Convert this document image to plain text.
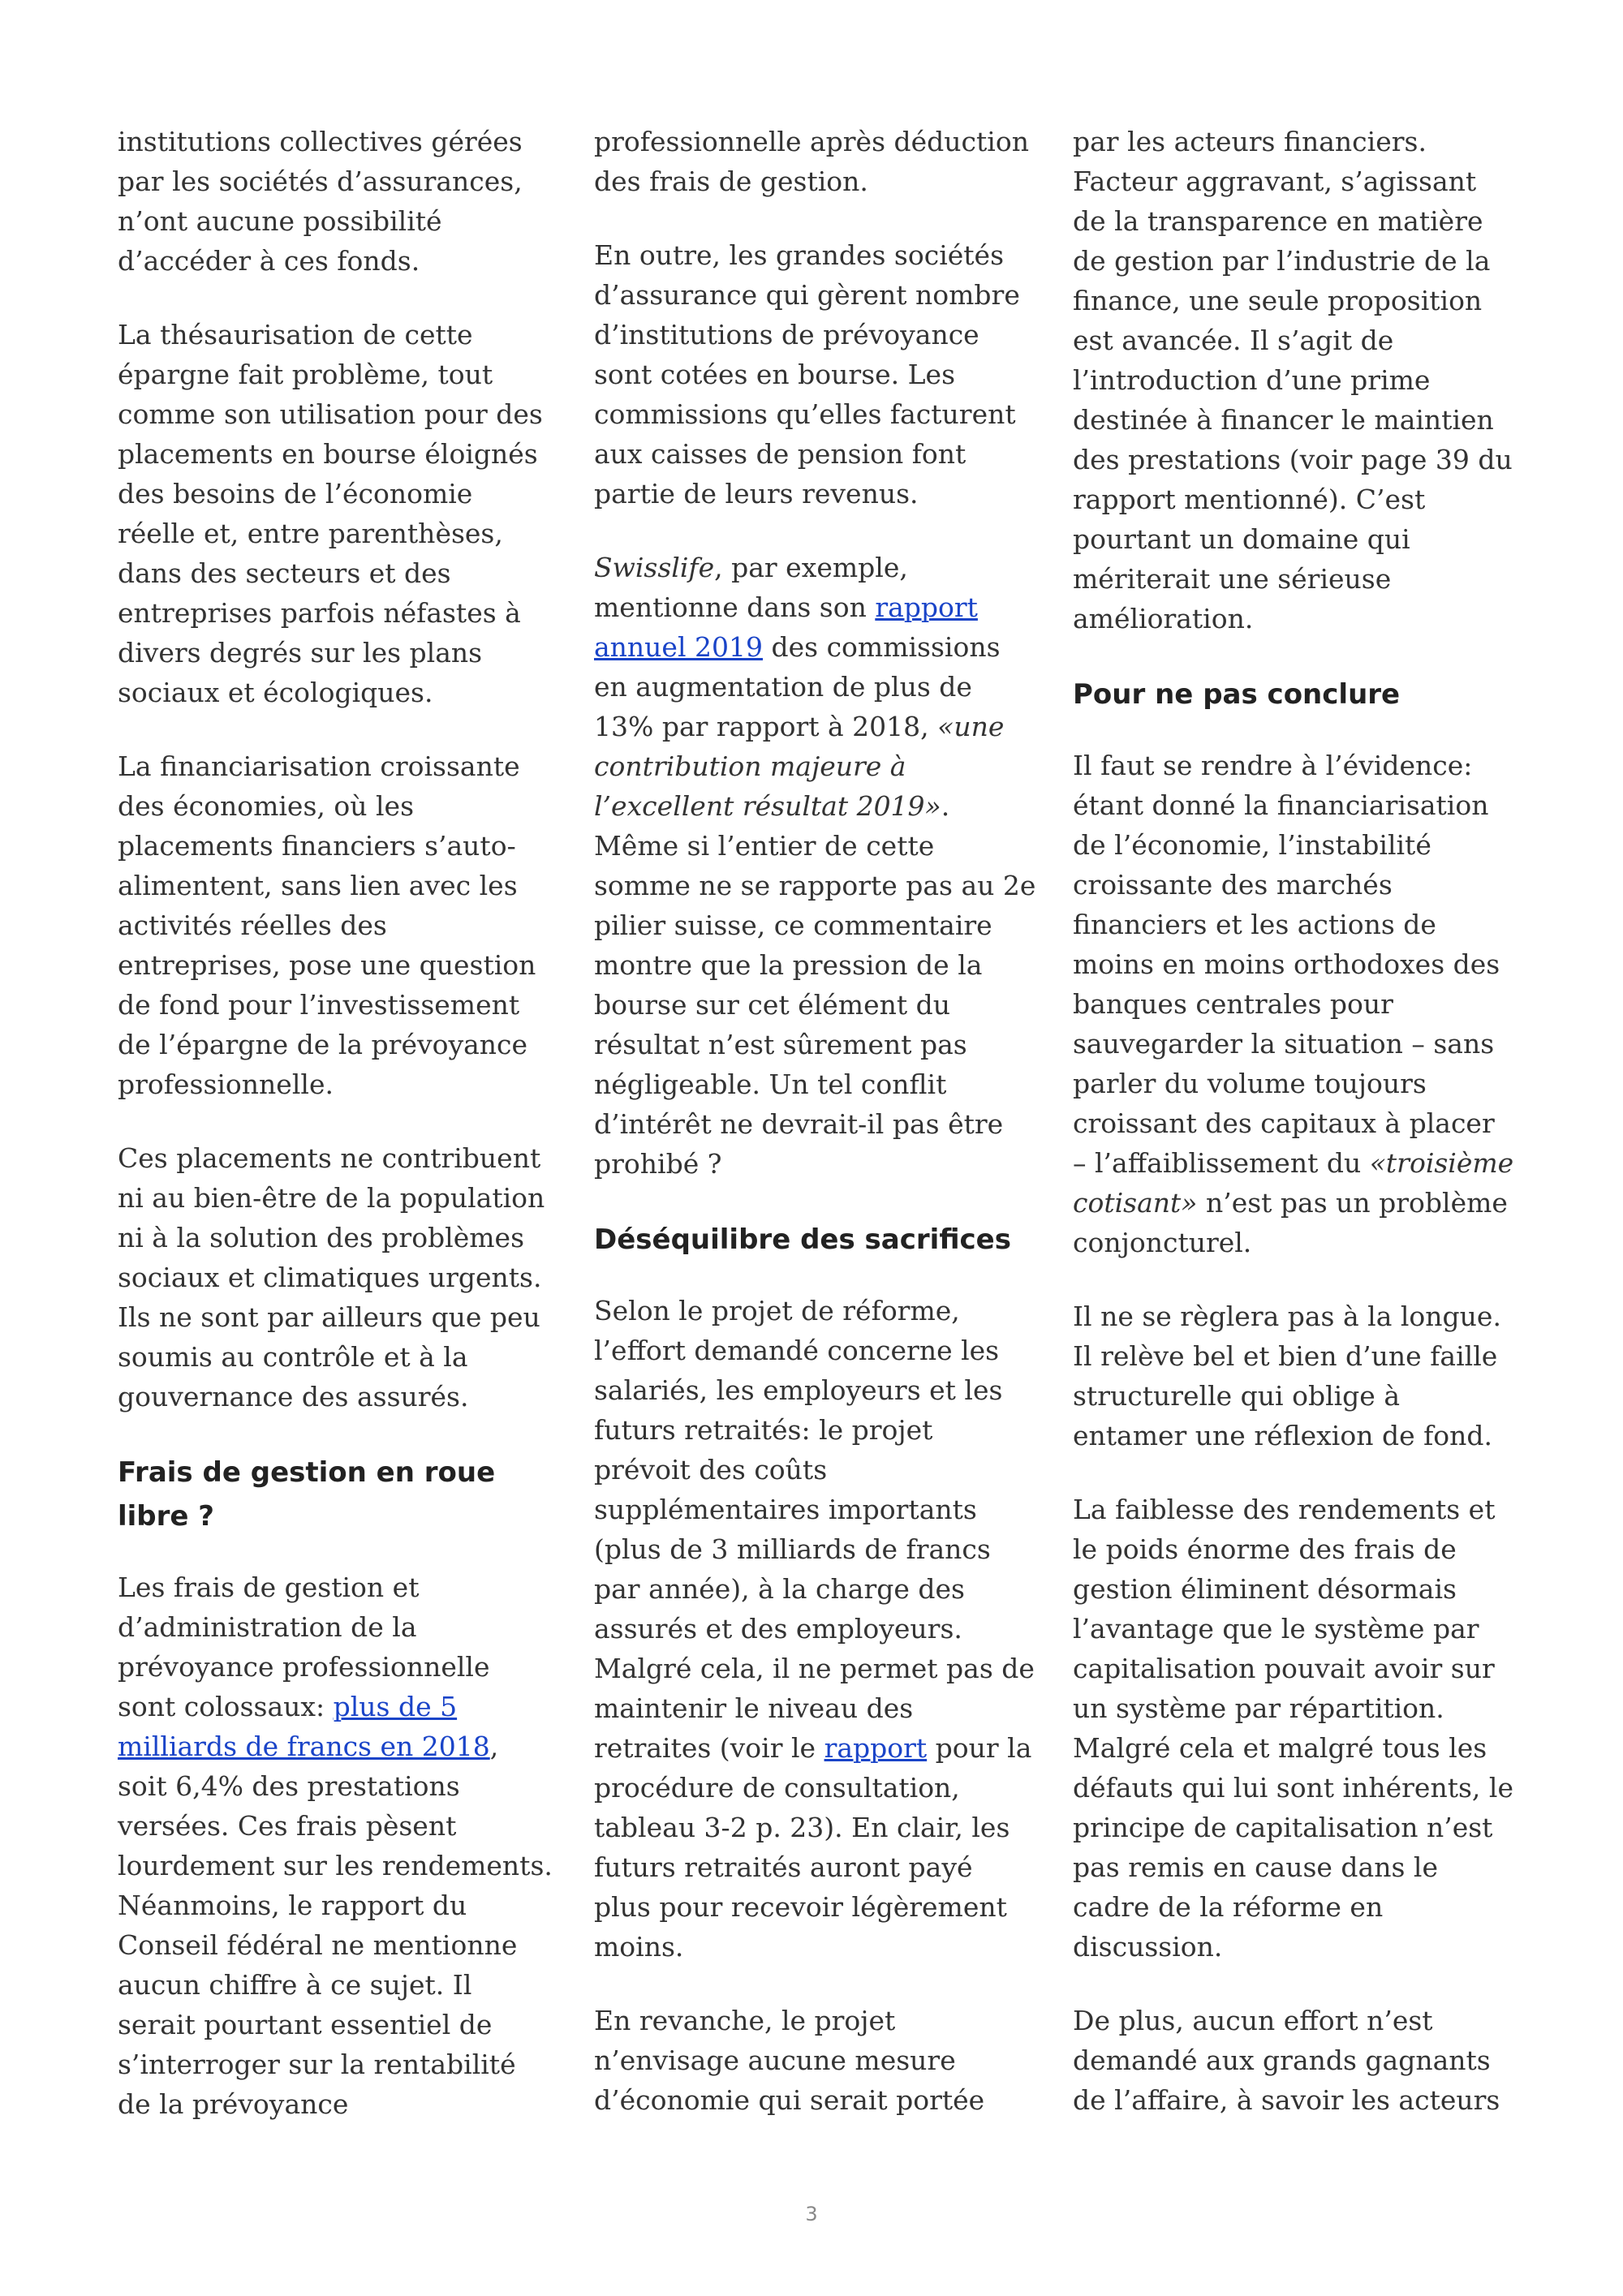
institutions collectives gérées par les sociétés d’assurances, n’ont aucune possibilité d’accéder à ces fonds.

La thésaurisation de cette épargne fait problème, tout comme son utilisation pour des placements en bourse éloignés des besoins de l’économie réelle et, entre parenthèses, dans des secteurs et des entreprises parfois néfastes à divers degrés sur les plans sociaux et écologiques.

La financiarisation croissante des économies, où les placements financiers s’auto-alimentent, sans lien avec les activités réelles des entreprises, pose une question de fond pour l’investissement de l’épargne de la prévoyance professionnelle.

Ces placements ne contribuent ni au bien-être de la population ni à la solution des problèmes sociaux et climatiques urgents. Ils ne sont par ailleurs que peu soumis au contrôle et à la gouvernance des assurés.

Frais de gestion en roue libre ?

Les frais de gestion et d’administration de la prévoyance professionnelle sont colossaux: plus de 5 milliards de francs en 2018, soit 6,4% des prestations versées. Ces frais pèsent lourdement sur les rendements. Néanmoins, le rapport du Conseil fédéral ne mentionne aucun chiffre à ce sujet. Il serait pourtant essentiel de s’interroger sur la rentabilité de la prévoyance

professionnelle après déduction des frais de gestion.

En outre, les grandes sociétés d’assurance qui gèrent nombre d’institutions de prévoyance sont cotées en bourse. Les commissions qu’elles facturent aux caisses de pension font partie de leurs revenus.

Swisslife, par exemple, mentionne dans son rapport annuel 2019 des commissions en augmentation de plus de 13% par rapport à 2018, «une contribution majeure à l’excellent résultat 2019». Même si l’entier de cette somme ne se rapporte pas au 2e pilier suisse, ce commentaire montre que la pression de la bourse sur cet élément du résultat n’est sûrement pas négligeable. Un tel conflit d’intérêt ne devrait-il pas être prohibé ?

Déséquilibre des sacrifices

Selon le projet de réforme, l’effort demandé concerne les salariés, les employeurs et les futurs retraités: le projet prévoit des coûts supplémentaires importants (plus de 3 milliards de francs par année), à la charge des assurés et des employeurs. Malgré cela, il ne permet pas de maintenir le niveau des retraites (voir le rapport pour la procédure de consultation, tableau 3-2 p. 23). En clair, les futurs retraités auront payé plus pour recevoir légèrement moins.

En revanche, le projet n’envisage aucune mesure d’économie qui serait portée

par les acteurs financiers. Facteur aggravant, s’agissant de la transparence en matière de gestion par l’industrie de la finance, une seule proposition est avancée. Il s’agit de l’introduction d’une prime destinée à financer le maintien des prestations (voir page 39 du rapport mentionné). C’est pourtant un domaine qui mériterait une sérieuse amélioration.

Pour ne pas conclure

Il faut se rendre à l’évidence: étant donné la financiarisation de l’économie, l’instabilité croissante des marchés financiers et les actions de moins en moins orthodoxes des banques centrales pour sauvegarder la situation – sans parler du volume toujours croissant des capitaux à placer – l’affaiblissement du «troisième cotisant» n’est pas un problème conjoncturel.

Il ne se règlera pas à la longue. Il relève bel et bien d’une faille structurelle qui oblige à entamer une réflexion de fond.

La faiblesse des rendements et le poids énorme des frais de gestion éliminent désormais l’avantage que le système par capitalisation pouvait avoir sur un système par répartition. Malgré cela et malgré tous les défauts qui lui sont inhérents, le principe de capitalisation n’est pas remis en cause dans le cadre de la réforme en discussion.

De plus, aucun effort n’est demandé aux grands gagnants de l’affaire, à savoir les acteurs

3
